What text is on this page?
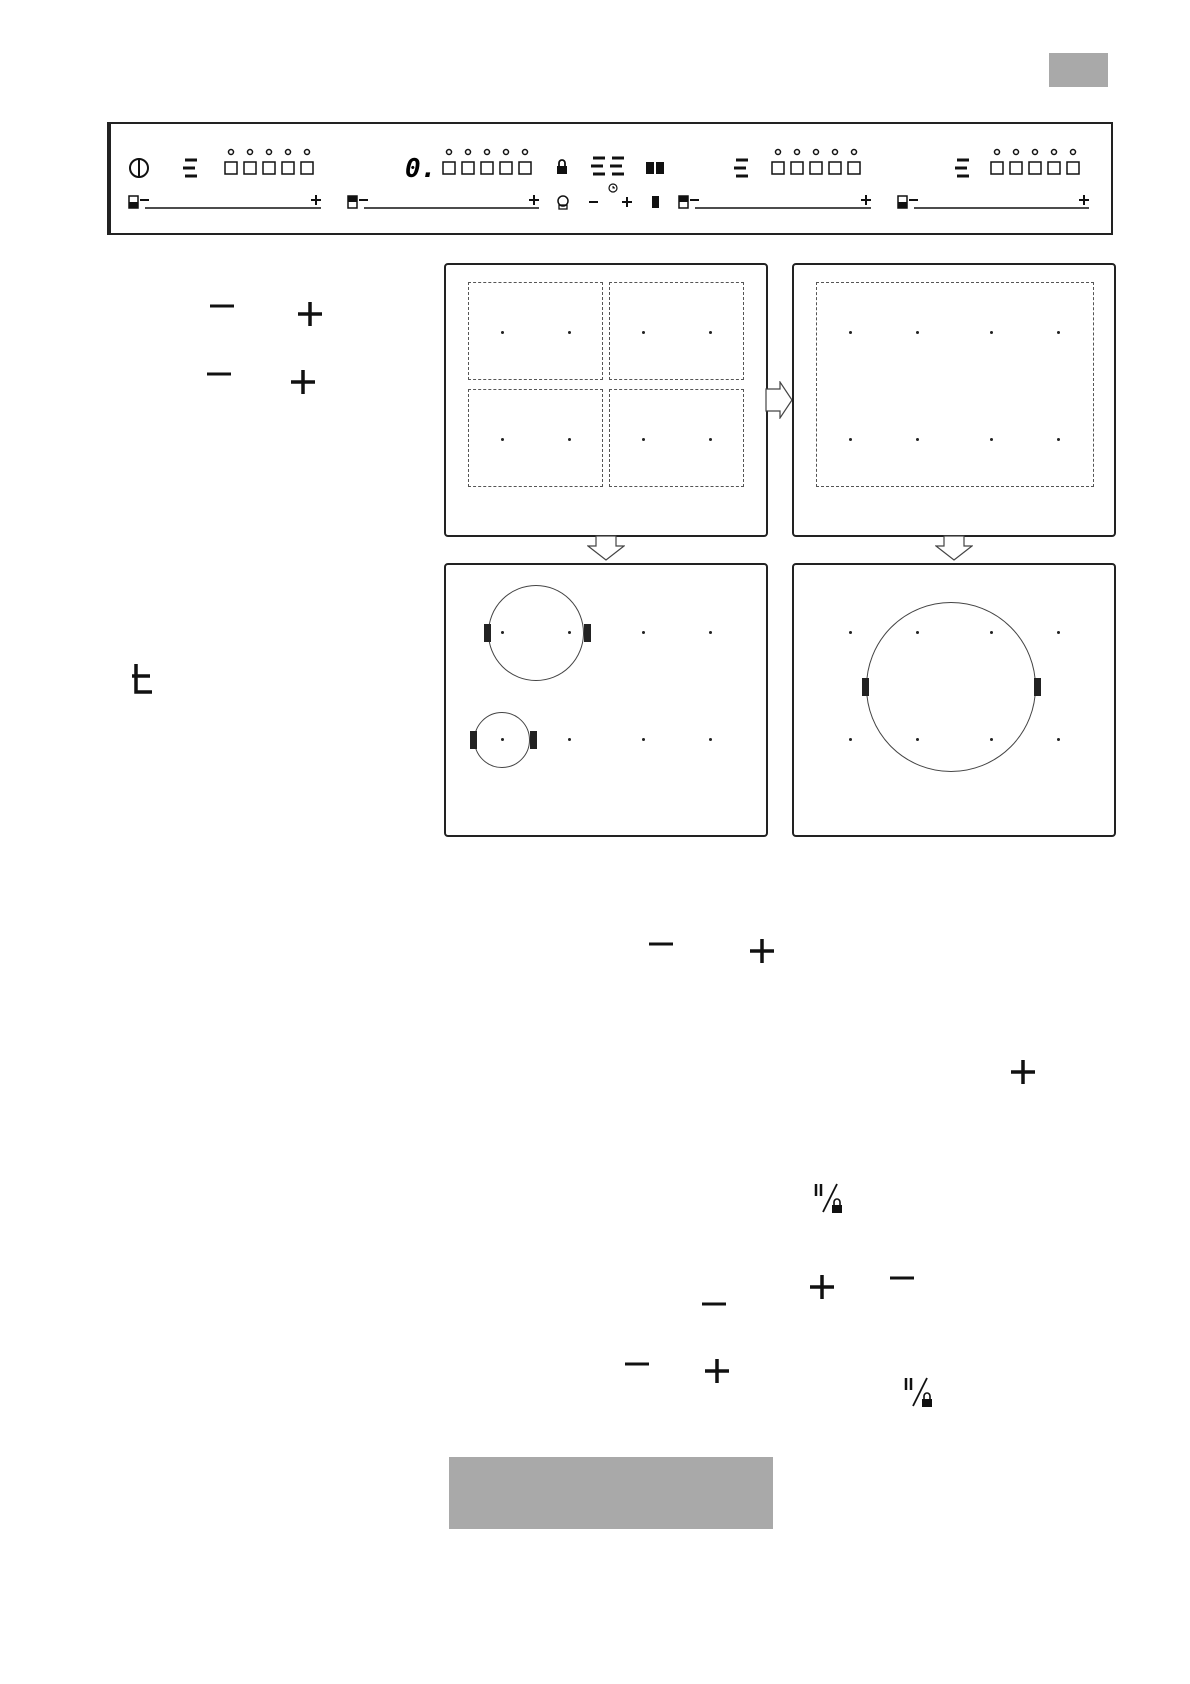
0.
